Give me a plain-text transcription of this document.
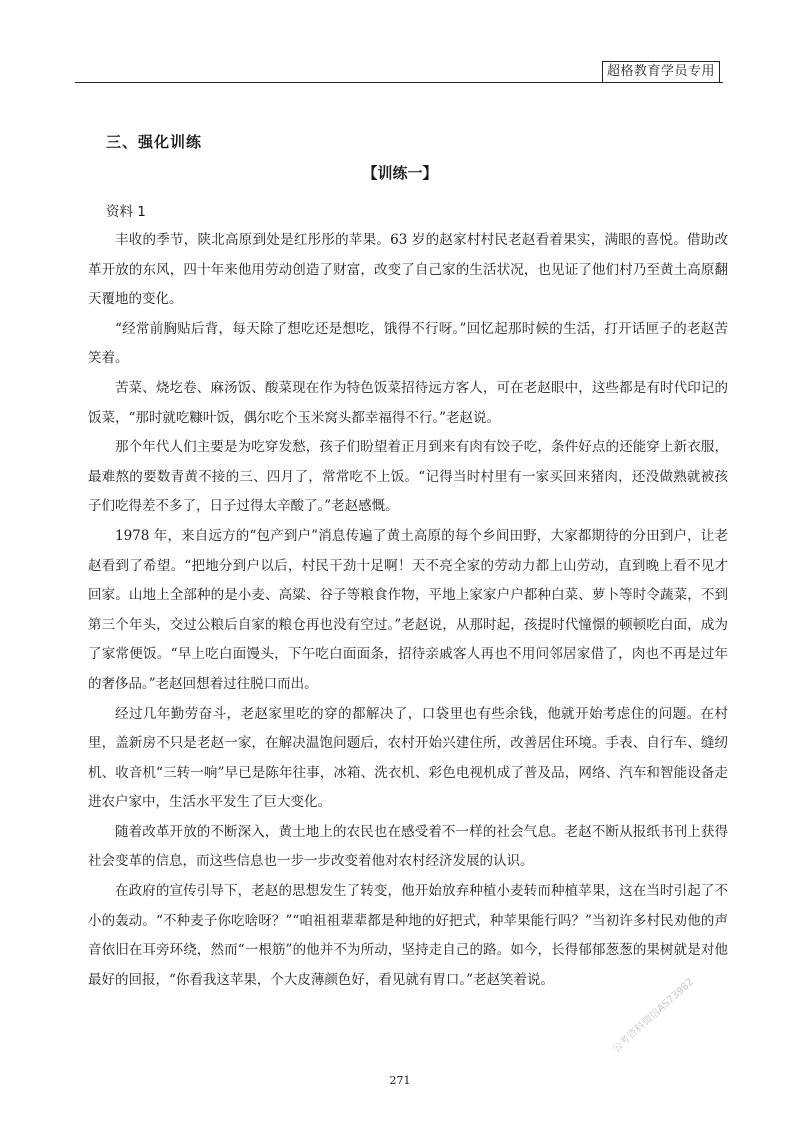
超格教育学员专用
三、强化训练
【训练一】
资料 1

丰收的季节，陕北高原到处是红彤彤的苹果。63 岁的赵家村村民老赵看着果实，满眼的喜悦。借助改革开放的东风，四十年来他用劳动创造了财富，改变了自己家的生活状况，也见证了他们村乃至黄土高原翻天覆地的变化。

“经常前胸贴后背，每天除了想吃还是想吃，饿得不行呀。”回忆起那时候的生活，打开话匣子的老赵苦笑着。

苦菜、烧圪卷、麻汤饭、酸菜现在作为特色饭菜招待远方客人，可在老赵眼中，这些都是有时代印记的饭菜，“那时就吃糠叶饭，偶尔吃个玉米窝头都幸福得不行。”老赵说。

那个年代人们主要是为吃穿发愁，孩子们盼望着正月到来有肉有饺子吃，条件好点的还能穿上新衣服，最难熬的要数青黄不接的三、四月了，常常吃不上饭。“记得当时村里有一家买回来猪肉，还没做熟就被孩子们吃得差不多了，日子过得太辛酸了。”老赵感慨。

1978 年，来自远方的“包产到户”消息传遍了黄土高原的每个乡间田野，大家都期待的分田到户，让老赵看到了希望。“把地分到户以后，村民干劲十足啊！天不亮全家的劳动力都上山劳动，直到晚上看不见才回家。山地上全部种的是小麦、高粱、谷子等粮食作物，平地上家家户户都种白菜、萝卜等时令蔬菜，不到第三个年头，交过公粮后自家的粮仓再也没有空过。”老赵说，从那时起，孩提时代憧憬的顿顿吃白面，成为了家常便饭。“早上吃白面馒头，下午吃白面面条，招待亲戚客人再也不用问邻居家借了，肉也不再是过年的奢侈品。”老赵回想着过往脱口而出。

经过几年勤劳奋斗，老赵家里吃的穿的都解决了，口袋里也有些余钱，他就开始考虑住的问题。在村里，盖新房不只是老赵一家，在解决温饱问题后，农村开始兴建住所，改善居住环境。手表、自行车、缝纫机、收音机“三转一响”早已是陈年往事，冰箱、洗衣机、彩色电视机成了普及品，网络、汽车和智能设备走进农户家中，生活水平发生了巨大变化。

随着改革开放的不断深入，黄土地上的农民也在感受着不一样的社会气息。老赵不断从报纸书刊上获得社会变革的信息，而这些信息也一步一步改变着他对农村经济发展的认识。

在政府的宣传引导下，老赵的思想发生了转变，他开始放弃种植小麦转而种植苹果，这在当时引起了不小的轰动。“不种麦子你吃啥呀？”“咱祖祖辈辈都是种地的好把式，种苹果能行吗？”当初许多村民劝他的声音依旧在耳旁环绕，然而“一根筋”的他并不为所动，坚持走自己的路。如今，长得郁郁葱葱的果树就是对他最好的回报，“你看我这苹果，个大皮薄颜色好，看见就有胃口。”老赵笑着说。	公考资料微信AS73982
271
